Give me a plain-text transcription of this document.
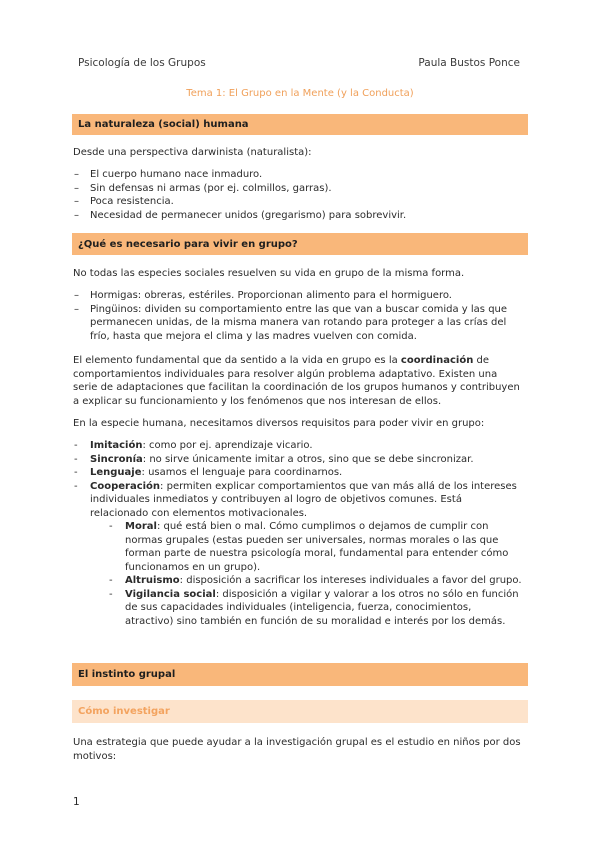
Psicología de los Grupos	Paula Bustos Ponce
Tema 1: El Grupo en la Mente (y la Conducta)
La naturaleza (social) humana
Desde una perspectiva darwinista (naturalista):
– El cuerpo humano nace inmaduro.
– Sin defensas ni armas (por ej. colmillos, garras).
– Poca resistencia.
– Necesidad de permanecer unidos (gregarismo) para sobrevivir.
¿Qué es necesario para vivir en grupo?
No todas las especies sociales resuelven su vida en grupo de la misma forma.
– Hormigas: obreras, estériles. Proporcionan alimento para el hormiguero.
– Pingüinos: dividen su comportamiento entre las que van a buscar comida y las que permanecen unidas, de la misma manera van rotando para proteger a las crías del frío, hasta que mejora el clima y las madres vuelven con comida.
El elemento fundamental que da sentido a la vida en grupo es la coordinación de comportamientos individuales para resolver algún problema adaptativo. Existen una serie de adaptaciones que facilitan la coordinación de los grupos humanos y contribuyen a explicar su funcionamiento y los fenómenos que nos interesan de ellos.
En la especie humana, necesitamos diversos requisitos para poder vivir en grupo:
- Imitación: como por ej. aprendizaje vicario.
- Sincronía: no sirve únicamente imitar a otros, sino que se debe sincronizar.
- Lenguaje: usamos el lenguaje para coordinarnos.
- Cooperación: permiten explicar comportamientos que van más allá de los intereses individuales inmediatos y contribuyen al logro de objetivos comunes. Está relacionado con elementos motivacionales.
- Moral: qué está bien o mal. Cómo cumplimos o dejamos de cumplir con normas grupales (estas pueden ser universales, normas morales o las que forman parte de nuestra psicología moral, fundamental para entender cómo funcionamos en un grupo).
- Altruismo: disposición a sacrificar los intereses individuales a favor del grupo.
- Vigilancia social: disposición a vigilar y valorar a los otros no sólo en función de sus capacidades individuales (inteligencia, fuerza, conocimientos, atractivo) sino también en función de su moralidad e interés por los demás.
El instinto grupal
Cómo investigar
Una estrategia que puede ayudar a la investigación grupal es el estudio en niños por dos motivos:
1
